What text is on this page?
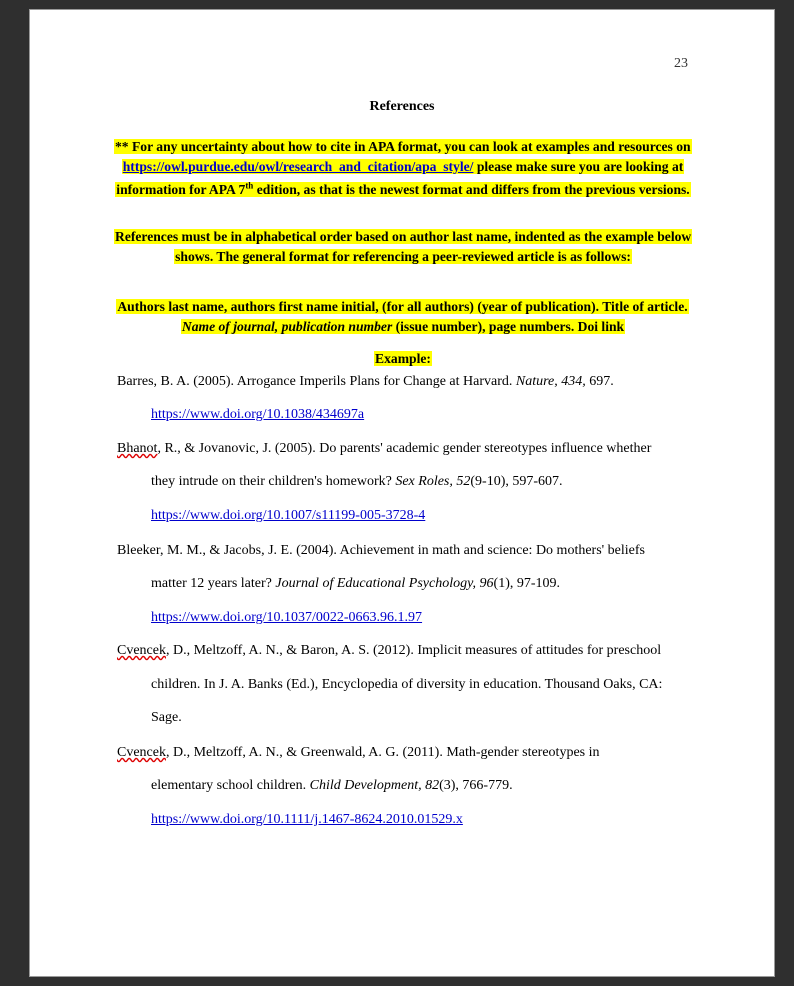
23
References
** For any uncertainty about how to cite in APA format, you can look at examples and resources on https://owl.purdue.edu/owl/research_and_citation/apa_style/ please make sure you are looking at information for APA 7th edition, as that is the newest format and differs from the previous versions.
References must be in alphabetical order based on author last name, indented as the example below shows. The general format for referencing a peer-reviewed article is as follows:
Authors last name, authors first name initial, (for all authors) (year of publication). Title of article. Name of journal, publication number (issue number), page numbers. Doi link
Example:
Barres, B. A. (2005). Arrogance Imperils Plans for Change at Harvard. Nature, 434, 697.
https://www.doi.org/10.1038/434697a
Bhanot, R., & Jovanovic, J. (2005). Do parents' academic gender stereotypes influence whether
they intrude on their children's homework? Sex Roles, 52(9-10), 597-607.
https://www.doi.org/10.1007/s11199-005-3728-4
Bleeker, M. M., & Jacobs, J. E. (2004). Achievement in math and science: Do mothers' beliefs
matter 12 years later? Journal of Educational Psychology, 96(1), 97-109.
https://www.doi.org/10.1037/0022-0663.96.1.97
Cvencek, D., Meltzoff, A. N., & Baron, A. S. (2012). Implicit measures of attitudes for preschool
children. In J. A. Banks (Ed.), Encyclopedia of diversity in education. Thousand Oaks, CA:
Sage.
Cvencek, D., Meltzoff, A. N., & Greenwald, A. G. (2011). Math-gender stereotypes in
elementary school children. Child Development, 82(3), 766-779.
https://www.doi.org/10.1111/j.1467-8624.2010.01529.x
